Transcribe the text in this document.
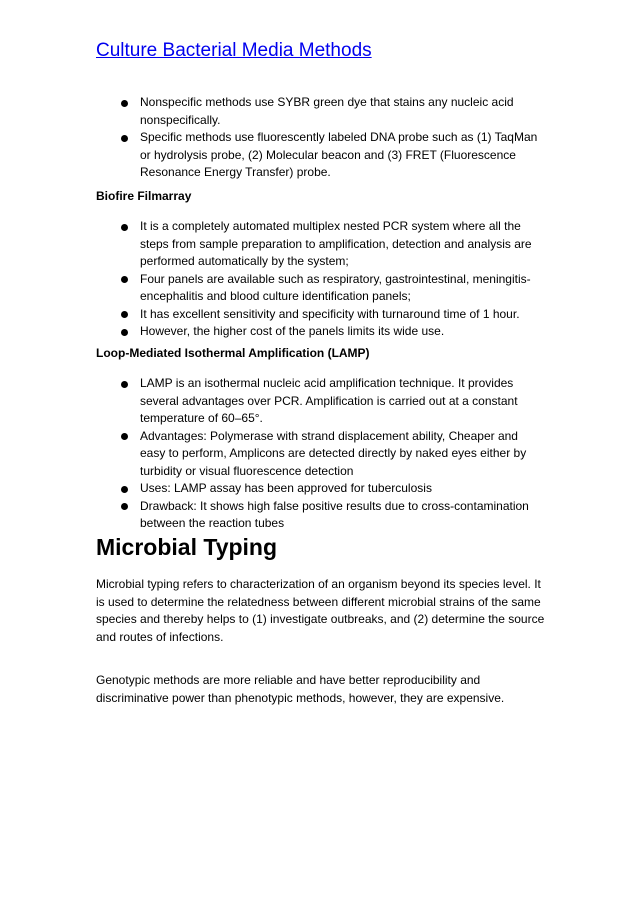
Culture Bacterial Media Methods
Nonspecific methods use SYBR green dye that stains any nucleic acid nonspecifically.
Specific methods use fluorescently labeled DNA probe such as (1) TaqMan or hydrolysis probe, (2) Molecular beacon and (3) FRET (Fluorescence Resonance Energy Transfer) probe.
Biofire Filmarray
It is a completely automated multiplex nested PCR system where all the steps from sample preparation to amplification, detection and analysis are performed automatically by the system;
Four panels are available such as respiratory, gastrointestinal, meningitis-encephalitis and blood culture identification panels;
It has excellent sensitivity and specificity with turnaround time of 1 hour.
However, the higher cost of the panels limits its wide use.
Loop-Mediated Isothermal Amplification (LAMP)
LAMP is an isothermal nucleic acid amplification technique. It provides several advantages over PCR. Amplification is carried out at a constant temperature of 60–65°.
Advantages: Polymerase with strand displacement ability, Cheaper and easy to perform, Amplicons are detected directly by naked eyes either by turbidity or visual fluorescence detection
Uses: LAMP assay has been approved for tuberculosis
Drawback: It shows high false positive results due to cross-contamination between the reaction tubes
Microbial Typing

Microbial typing refers to characterization of an organism beyond its species level. It is used to determine the relatedness between different microbial strains of the same species and thereby helps to (1) investigate outbreaks, and (2) determine the source and routes of infections.

Genotypic methods are more reliable and have better reproducibility and discriminative power than phenotypic methods, however, they are expensive.
